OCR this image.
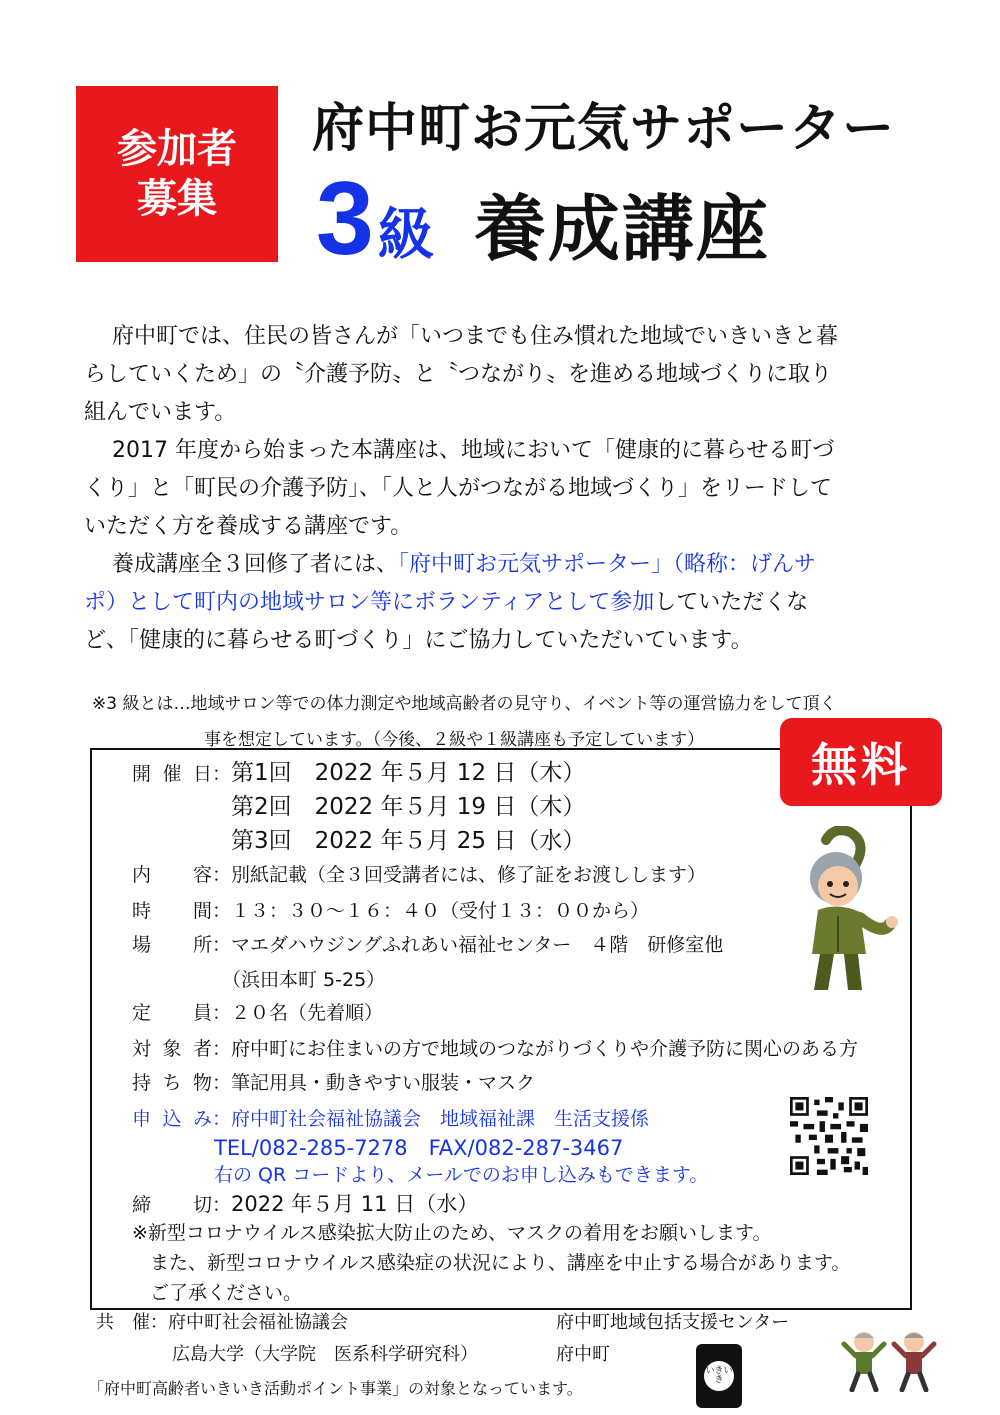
参加者
募集
府中町お元気サポーター
3級 養成講座

府中町では、住民の皆さんが「いつまでも住み慣れた地域でいきいきと暮

らしていくため」の〝介護予防〟と〝つながり〟を進める地域づくりに取り

組んでいます。

2017 年度から始まった本講座は、地域において「健康的に暮らせる町づ

くり」と「町民の介護予防」、「人と人がつながる地域づくり」をリードして

いただく方を養成する講座です。

養成講座全３回修了者には、「府中町お元気サポーター」（略称：げんサ

ポ）として町内の地域サロン等にボランティアとして参加していただくな

ど、「健康的に暮らせる町づくり」にご協力していただいています。

※3 級とは…地域サロン等での体力測定や地域高齢者の見守り、イベント等の運営協力をして頂く
事を想定しています。（今後、２級や１級講座も予定しています）	無料
開催日：第1回　2022 年５月 12 日（木）
第2回　2022 年５月 19 日（木）
第3回　2022 年５月 25 日（水）
内　容：別紙記載（全３回受講者には、修了証をお渡しします）
時　間：１３：３０～１６：４０（受付１３：００から）
場　所：マエダハウジングふれあい福祉センター　４階　研修室他
（浜田本町 5-25）
定　員：２０名（先着順）
対象者：府中町にお住まいの方で地域のつながりづくりや介護予防に関心のある方
持ち物：筆記用具・動きやすい服装・マスク
申込み：府中町社会福祉協議会　地域福祉課　生活支援係
TEL/082-285-7278　FAX/082-287-3467
右の QR コードより、メールでのお申し込みもできます。
締　切：2022 年５月 11 日（水）
※新型コロナウイルス感染拡大防止のため、マスクの着用をお願いします。
また、新型コロナウイルス感染症の状況により、講座を中止する場合があります。
ご了承ください。
共　催：府中町社会福祉協議会	府中町地域包括支援センター
広島大学（大学院　医系科学研究科）	府中町
「府中町高齢者いきいき活動ポイント事業」の対象となっています。
いきいき
